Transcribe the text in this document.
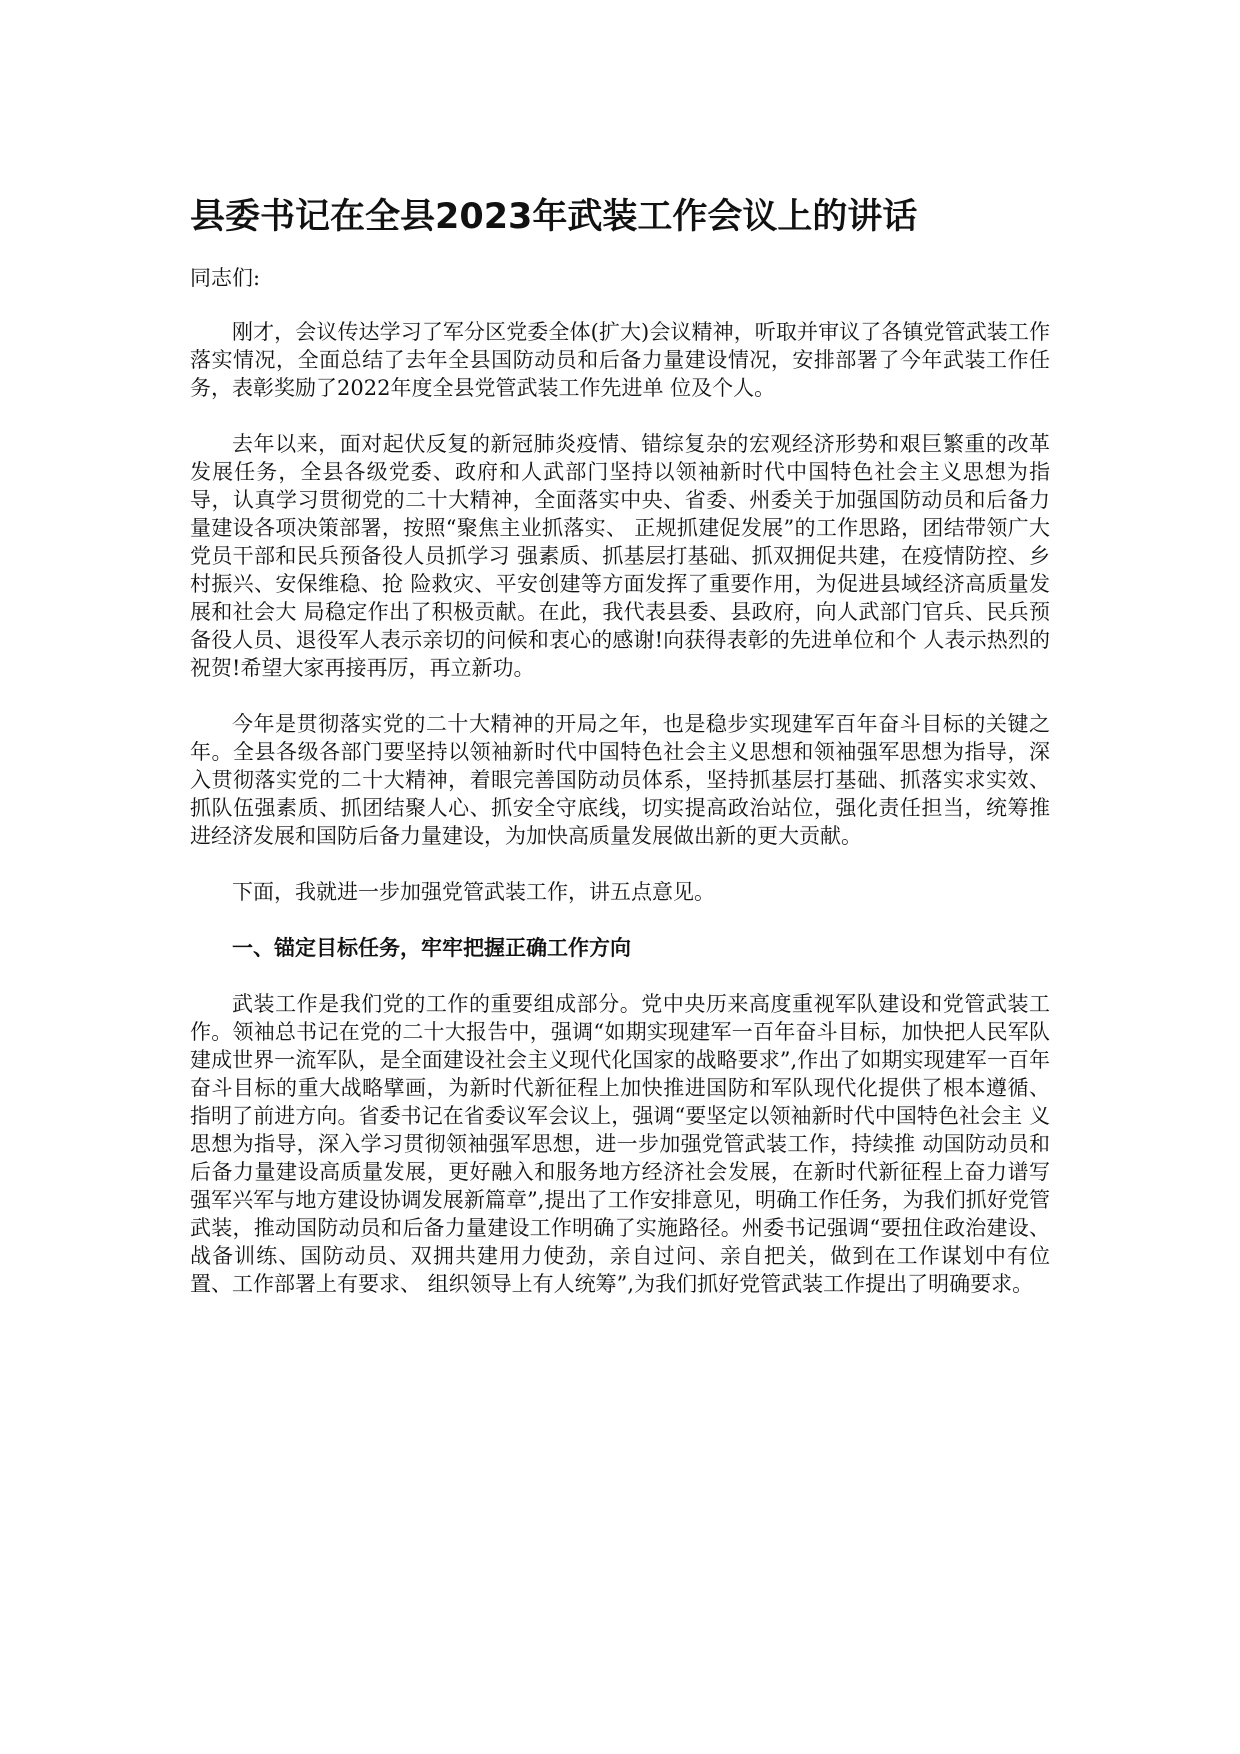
县委书记在全县2023年武装工作会议上的讲话

同志们:

刚才，会议传达学习了军分区党委全体(扩大)会议精神，听取并审议了各镇党管武装工作落实情况，全面总结了去年全县国防动员和后备力量建设情况，安排部署了今年武装工作任务，表彰奖励了2022年度全县党管武装工作先进单 位及个人。

去年以来，面对起伏反复的新冠肺炎疫情、错综复杂的宏观经济形势和艰巨繁重的改革发展任务，全县各级党委、政府和人武部门坚持以领袖新时代中国特色社会主义思想为指导，认真学习贯彻党的二十大精神，全面落实中央、省委、州委关于加强国防动员和后备力量建设各项决策部署，按照“聚焦主业抓落实、 正规抓建促发展”的工作思路，团结带领广大党员干部和民兵预备役人员抓学习 强素质、抓基层打基础、抓双拥促共建，在疫情防控、乡村振兴、安保维稳、抢 险救灾、平安创建等方面发挥了重要作用，为促进县域经济高质量发展和社会大 局稳定作出了积极贡献。在此，我代表县委、县政府，向人武部门官兵、民兵预 备役人员、退役军人表示亲切的问候和衷心的感谢!向获得表彰的先进单位和个 人表示热烈的祝贺!希望大家再接再厉，再立新功。

今年是贯彻落实党的二十大精神的开局之年，也是稳步实现建军百年奋斗目标的关键之年。全县各级各部门要坚持以领袖新时代中国特色社会主义思想和领袖强军思想为指导，深入贯彻落实党的二十大精神，着眼完善国防动员体系，坚持抓基层打基础、抓落实求实效、抓队伍强素质、抓团结聚人心、抓安全守底线，切实提高政治站位，强化责任担当，统筹推进经济发展和国防后备力量建设，为加快高质量发展做出新的更大贡献。

下面，我就进一步加强党管武装工作，讲五点意见。

一、锚定目标任务，牢牢把握正确工作方向

武装工作是我们党的工作的重要组成部分。党中央历来高度重视军队建设和党管武装工作。领袖总书记在党的二十大报告中，强调“如期实现建军一百年奋斗目标，加快把人民军队建成世界一流军队，是全面建设社会主义现代化国家的战略要求”,作出了如期实现建军一百年奋斗目标的重大战略擘画，为新时代新征程上加快推进国防和军队现代化提供了根本遵循、指明了前进方向。省委书记在省委议军会议上，强调“要坚定以领袖新时代中国特色社会主 义思想为指导，深入学习贯彻领袖强军思想，进一步加强党管武装工作，持续推 动国防动员和后备力量建设高质量发展，更好融入和服务地方经济社会发展，在新时代新征程上奋力谱写强军兴军与地方建设协调发展新篇章”,提出了工作安排意见，明确工作任务，为我们抓好党管武装，推动国防动员和后备力量建设工作明确了实施路径。州委书记强调“要扭住政治建设、战备训练、国防动员、双拥共建用力使劲，亲自过问、亲自把关，做到在工作谋划中有位置、工作部署上有要求、 组织领导上有人统筹”,为我们抓好党管武装工作提出了明确要求。
